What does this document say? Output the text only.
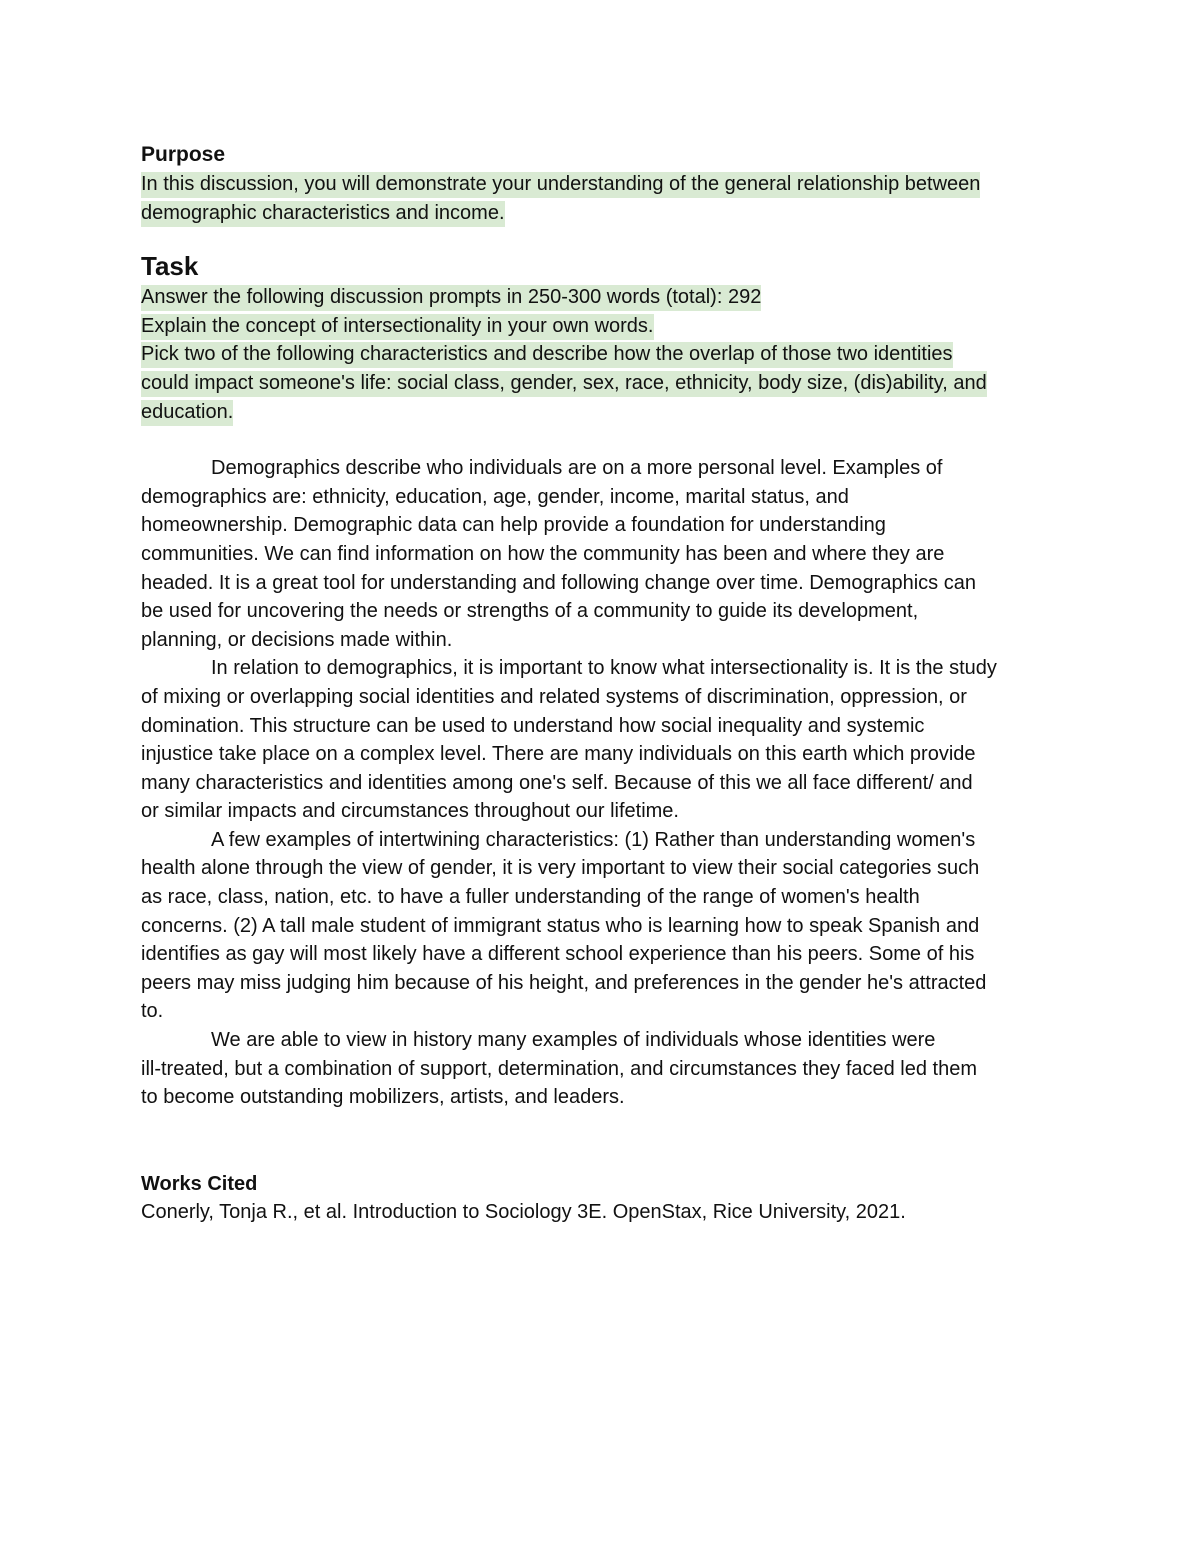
Purpose
In this discussion, you will demonstrate your understanding of the general relationship between
demographic characteristics and income.
Task
Answer the following discussion prompts in 250-300 words (total): 292
Explain the concept of intersectionality in your own words.
Pick two of the following characteristics and describe how the overlap of those two identities
could impact someone's life: social class, gender, sex, race, ethnicity, body size, (dis)ability, and
education.

Demographics describe who individuals are on a more personal level. Examples of
demographics are: ethnicity, education, age, gender, income, marital status, and
homeownership. Demographic data can help provide a foundation for understanding
communities. We can find information on how the community has been and where they are
headed. It is a great tool for understanding and following change over time. Demographics can
be used for uncovering the needs or strengths of a community to guide its development,
planning, or decisions made within.

In relation to demographics, it is important to know what intersectionality is. It is the study
of mixing or overlapping social identities and related systems of discrimination, oppression, or
domination. This structure can be used to understand how social inequality and systemic
injustice take place on a complex level. There are many individuals on this earth which provide
many characteristics and identities among one's self. Because of this we all face different/ and
or similar impacts and circumstances throughout our lifetime.

A few examples of intertwining characteristics: (1) Rather than understanding women's
health alone through the view of gender, it is very important to view their social categories such
as race, class, nation, etc. to have a fuller understanding of the range of women's health
concerns. (2) A tall male student of immigrant status who is learning how to speak Spanish and
identifies as gay will most likely have a different school experience than his peers. Some of his
peers may miss judging him because of his height, and preferences in the gender he's attracted
to.

We are able to view in history many examples of individuals whose identities were
ill-treated, but a combination of support, determination, and circumstances they faced led them
to become outstanding mobilizers, artists, and leaders.

Works Cited

Conerly, Tonja R., et al. Introduction to Sociology 3E. OpenStax, Rice University, 2021.
